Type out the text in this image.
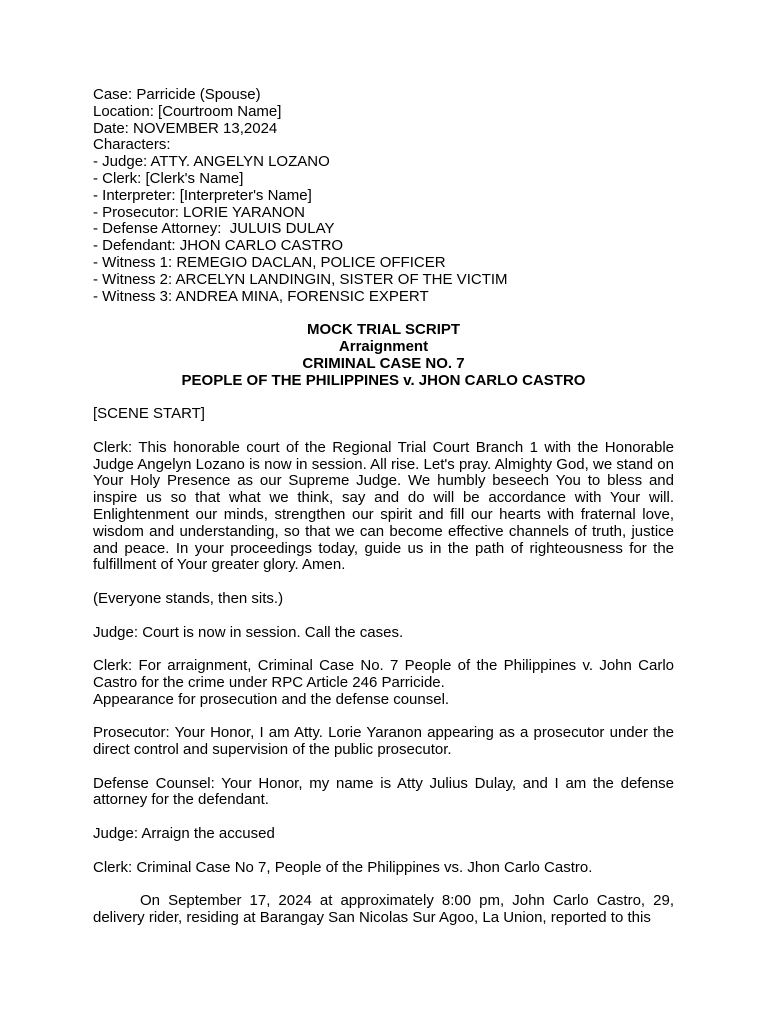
Case: Parricide (Spouse)
Location: [Courtroom Name]
Date: NOVEMBER 13,2024
Characters:
- Judge: ATTY. ANGELYN LOZANO
- Clerk: [Clerk's Name]
- Interpreter: [Interpreter's Name]
- Prosecutor: LORIE YARANON
- Defense Attorney:  JULUIS DULAY
- Defendant: JHON CARLO CASTRO
- Witness 1: REMEGIO DACLAN, POLICE OFFICER
- Witness 2: ARCELYN LANDINGIN, SISTER OF THE VICTIM
- Witness 3: ANDREA MINA, FORENSIC EXPERT
MOCK TRIAL SCRIPT
Arraignment
CRIMINAL CASE NO. 7
PEOPLE OF THE PHILIPPINES v. JHON CARLO CASTRO
[SCENE START]
Clerk: This honorable court of the Regional Trial Court Branch 1 with the Honorable Judge Angelyn Lozano is now in session. All rise. Let's pray. Almighty God, we stand on Your Holy Presence as our Supreme Judge. We humbly beseech You to bless and inspire us so that what we think, say and do will be accordance with Your will. Enlightenment our minds, strengthen our spirit and fill our hearts with fraternal love, wisdom and understanding, so that we can become effective channels of truth, justice and peace. In your proceedings today, guide us in the path of righteousness for the fulfillment of Your greater glory. Amen.
(Everyone stands, then sits.)
Judge: Court is now in session. Call the cases.
Clerk: For arraignment, Criminal Case No. 7 People of the Philippines v. John Carlo Castro for the crime under RPC Article 246 Parricide.
Appearance for prosecution and the defense counsel.
Prosecutor: Your Honor, I am Atty. Lorie Yaranon appearing as a prosecutor under the direct control and supervision of the public prosecutor.
Defense Counsel: Your Honor, my name is Atty Julius Dulay, and I am the defense attorney for the defendant.
Judge: Arraign the accused
Clerk: Criminal Case No 7, People of the Philippines vs. Jhon Carlo Castro.
On September 17, 2024 at approximately 8:00 pm, John Carlo Castro, 29, delivery rider, residing at Barangay San Nicolas Sur Agoo, La Union, reported to this
